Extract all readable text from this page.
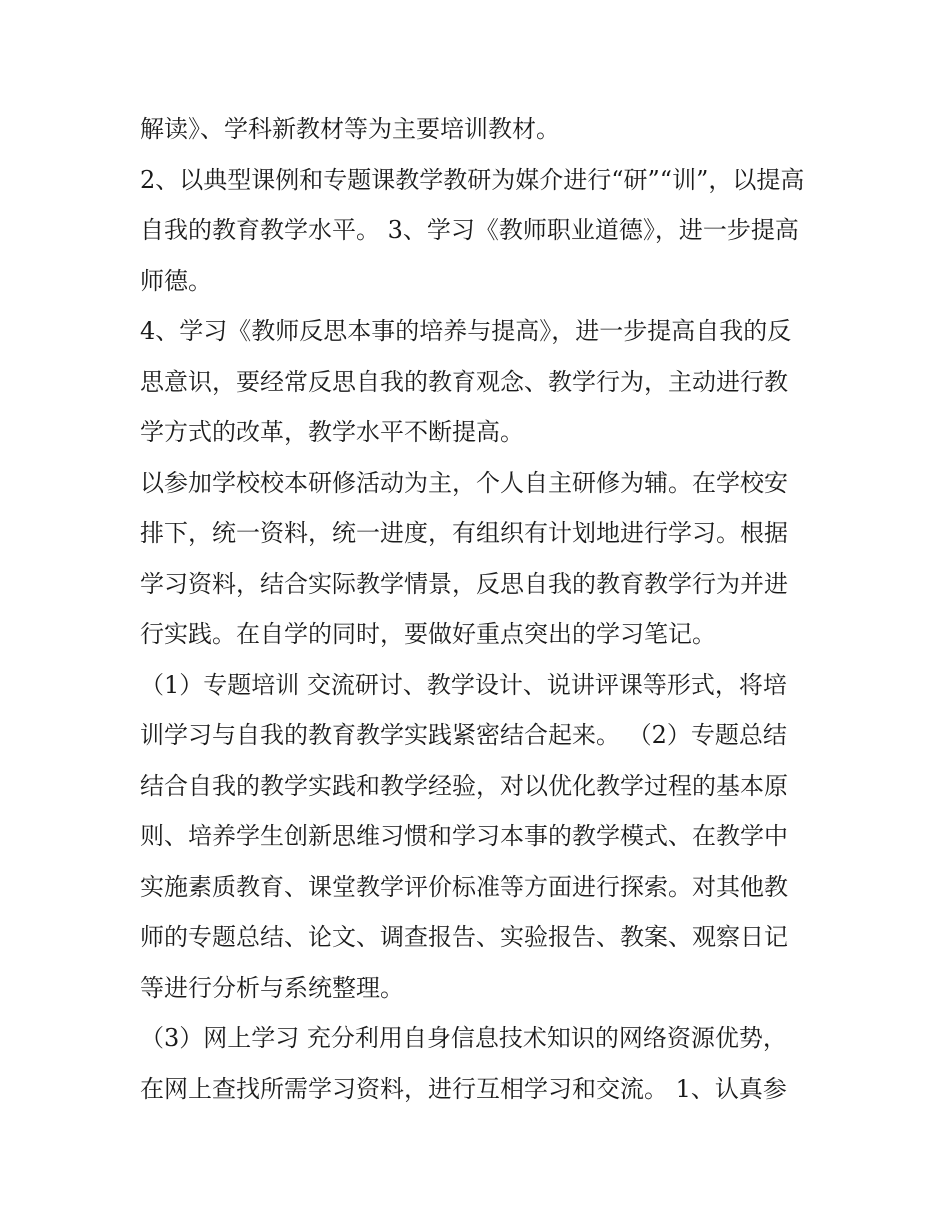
解读》、学科新教材等为主要培训教材。

2、以典型课例和专题课教学教研为媒介进行“研”“训”，以提高自我的教育教学水平。 3、学习《教师职业道德》，进一步提高师德。

4、学习《教师反思本事的培养与提高》，进一步提高自我的反思意识，要经常反思自我的教育观念、教学行为，主动进行教学方式的改革，教学水平不断提高。

以参加学校校本研修活动为主，个人自主研修为辅。在学校安排下，统一资料，统一进度，有组织有计划地进行学习。根据学习资料，结合实际教学情景，反思自我的教育教学行为并进行实践。在自学的同时，要做好重点突出的学习笔记。

（1）专题培训 交流研讨、教学设计、说讲评课等形式，将培训学习与自我的教育教学实践紧密结合起来。 （2）专题总结 结合自我的教学实践和教学经验，对以优化教学过程的基本原则、培养学生创新思维习惯和学习本事的教学模式、在教学中实施素质教育、课堂教学评价标准等方面进行探索。对其他教师的专题总结、论文、调查报告、实验报告、教案、观察日记等进行分析与系统整理。

（3）网上学习 充分利用自身信息技术知识的网络资源优势，在网上查找所需学习资料，进行互相学习和交流。 1、认真参
